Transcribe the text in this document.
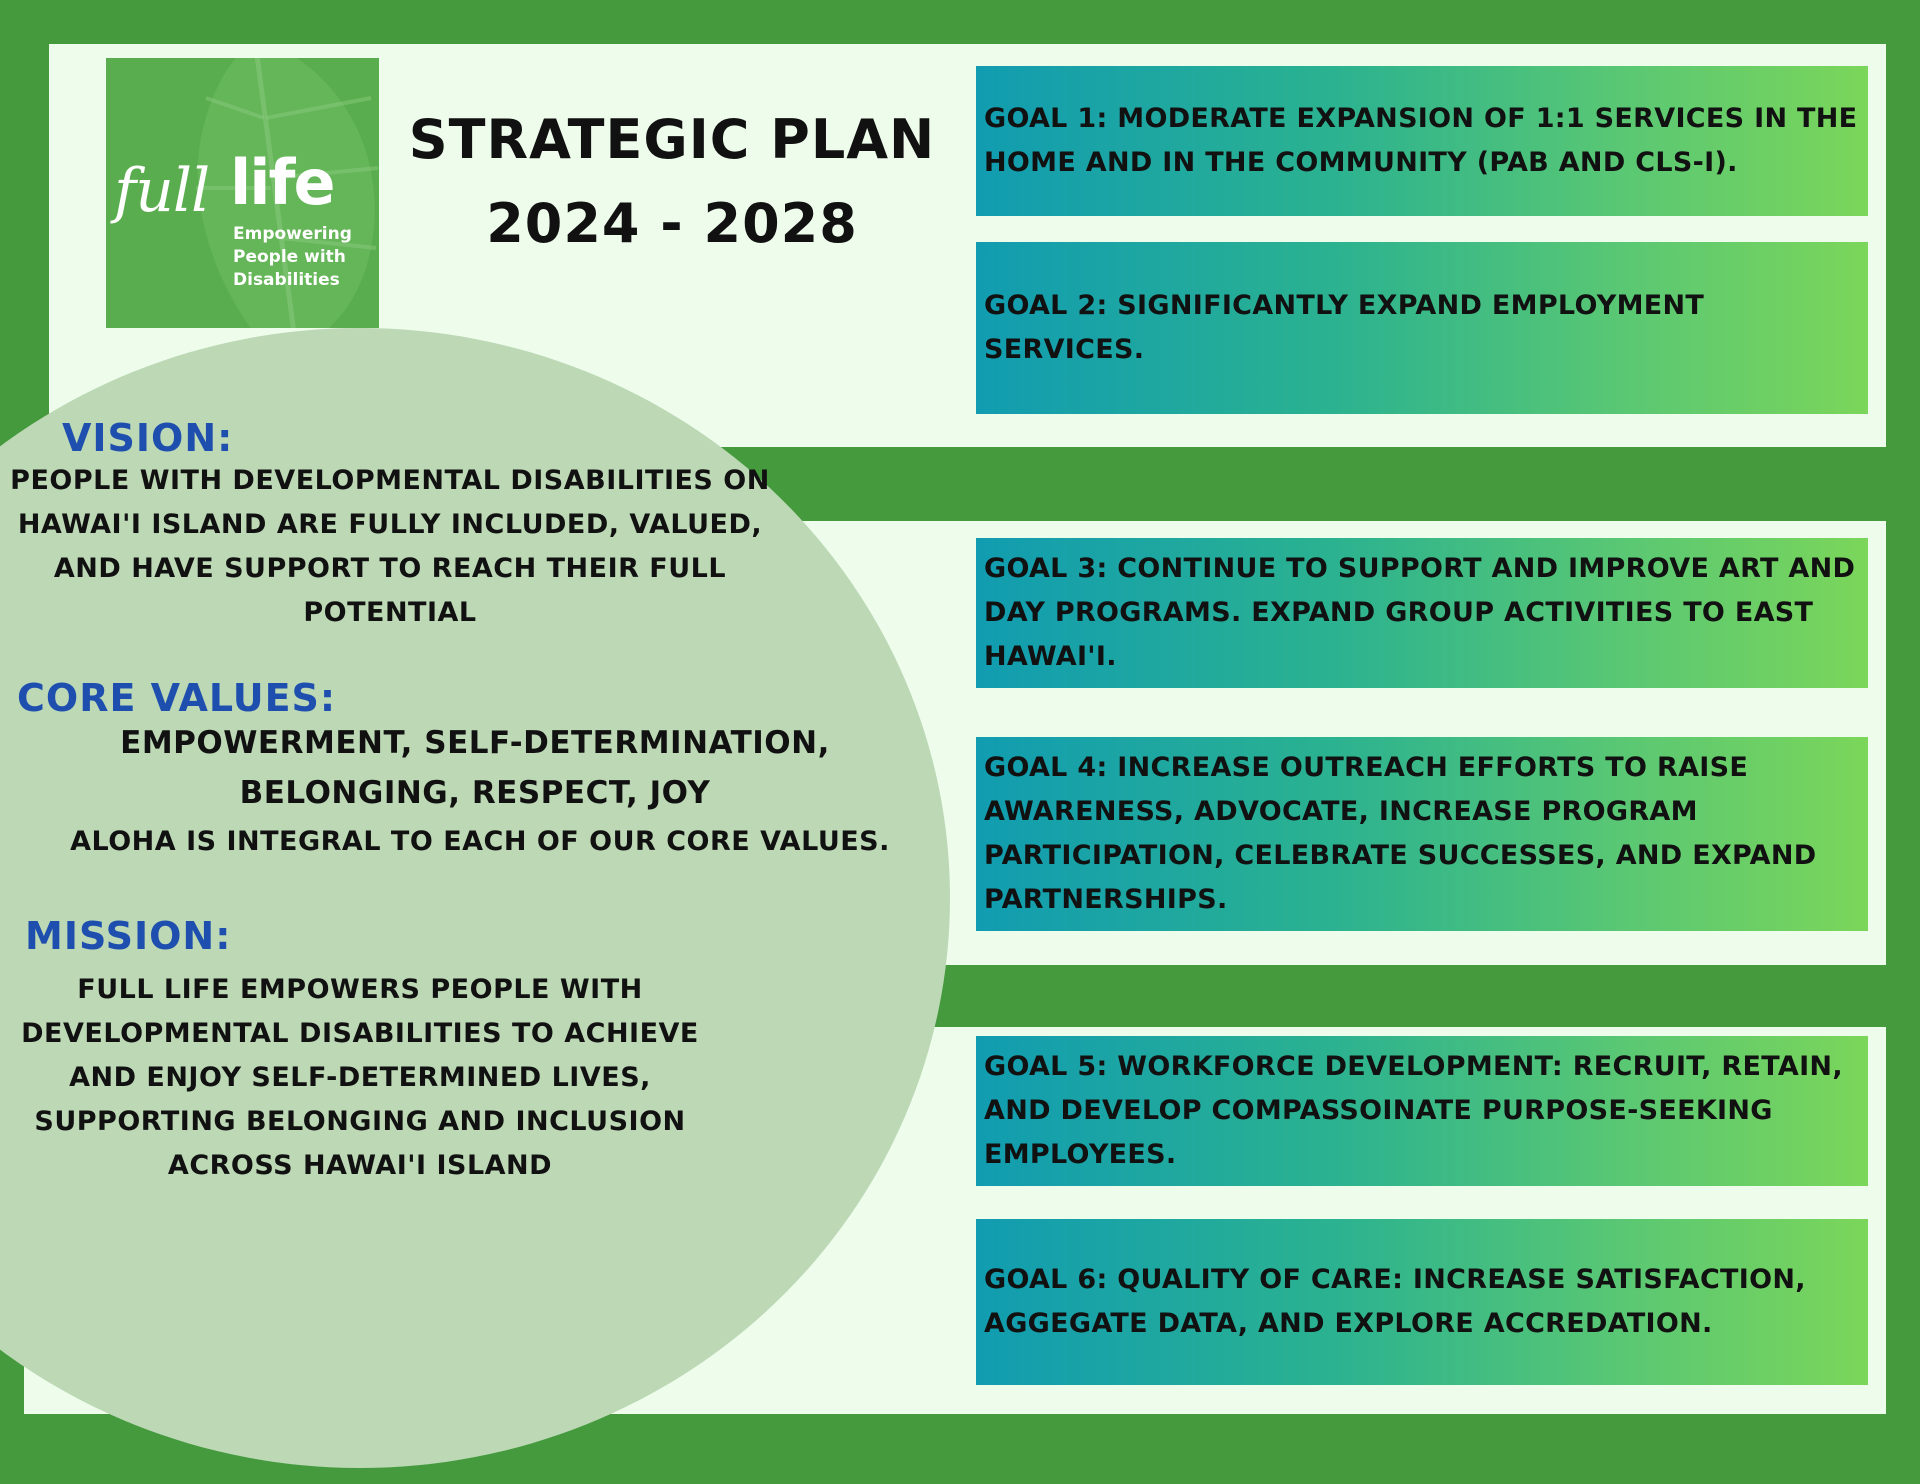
full life
Empowering People with Disabilities
STRATEGIC PLAN
2024 - 2028
VISION:
PEOPLE WITH DEVELOPMENTAL DISABILITIES ON HAWAI'I ISLAND ARE FULLY INCLUDED, VALUED, AND HAVE SUPPORT TO REACH THEIR FULL POTENTIAL
CORE VALUES:
EMPOWERMENT, SELF-DETERMINATION, BELONGING, RESPECT, JOY
ALOHA IS INTEGRAL TO EACH OF OUR CORE VALUES.
MISSION:
FULL LIFE EMPOWERS PEOPLE WITH DEVELOPMENTAL DISABILITIES TO ACHIEVE AND ENJOY SELF-DETERMINED LIVES, SUPPORTING BELONGING AND INCLUSION ACROSS HAWAI'I ISLAND
GOAL 1: MODERATE EXPANSION OF 1:1 SERVICES IN THE HOME AND IN THE COMMUNITY (PAB AND CLS-I).
GOAL 2: SIGNIFICANTLY EXPAND EMPLOYMENT SERVICES.
GOAL 3: CONTINUE TO SUPPORT AND IMPROVE ART AND DAY PROGRAMS. EXPAND GROUP ACTIVITIES TO EAST HAWAI'I.
GOAL 4: INCREASE OUTREACH EFFORTS TO RAISE AWARENESS, ADVOCATE, INCREASE PROGRAM PARTICIPATION, CELEBRATE SUCCESSES, AND EXPAND PARTNERSHIPS.
GOAL 5: WORKFORCE DEVELOPMENT: RECRUIT, RETAIN, AND DEVELOP COMPASSOINATE PURPOSE-SEEKING EMPLOYEES.
GOAL 6: QUALITY OF CARE: INCREASE SATISFACTION, AGGEGATE DATA, AND EXPLORE ACCREDATION.
